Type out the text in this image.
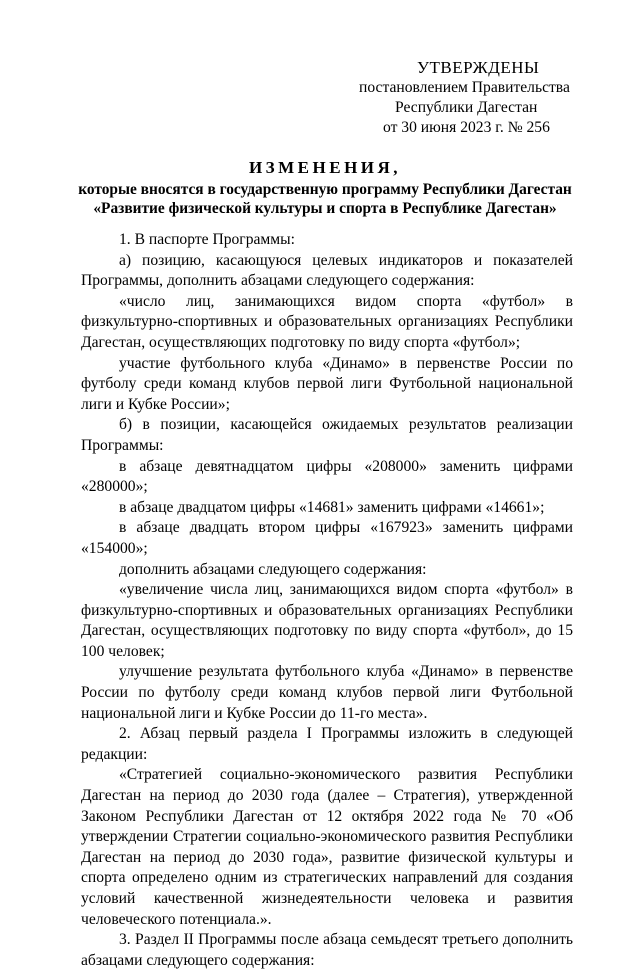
УТВЕРЖДЕНЫ
постановлением Правительства
Республики Дагестан
от 30 июня 2023 г. № 256
ИЗМЕНЕНИЯ,
которые вносятся в государственную программу Республики Дагестан
«Развитие физической культуры и спорта в Республике Дагестан»

1. В паспорте Программы:

а) позицию, касающуюся целевых индикаторов и показателей Программы, дополнить абзацами следующего содержания:

«число лиц, занимающихся видом спорта «футбол» в физкультурно-спортивных и образовательных организациях Республики Дагестан, осуществляющих подготовку по виду спорта «футбол»;

участие футбольного клуба «Динамо» в первенстве России по футболу среди команд клубов первой лиги Футбольной национальной лиги и Кубке России»;

б) в позиции, касающейся ожидаемых результатов реализации Программы:

в абзаце девятнадцатом цифры «208000» заменить цифрами «280000»;

в абзаце двадцатом цифры «14681» заменить цифрами «14661»;

в абзаце двадцать втором цифры «167923» заменить цифрами «154000»;

дополнить абзацами следующего содержания:

«увеличение числа лиц, занимающихся видом спорта «футбол» в физкультурно-спортивных и образовательных организациях Республики Дагестан, осуществляющих подготовку по виду спорта «футбол», до 15 100 человек;

улучшение результата футбольного клуба «Динамо» в первенстве России по футболу среди команд клубов первой лиги Футбольной национальной лиги и Кубке России до 11-го места».

2. Абзац первый раздела I Программы изложить в следующей редакции:

«Стратегией социально-экономического развития Республики Дагестан на период до 2030 года (далее – Стратегия), утвержденной Законом Республики Дагестан от 12 октября 2022 года № 70 «Об утверждении Стратегии социально-экономического развития Республики Дагестан на период до 2030 года», развитие физической культуры и спорта определено одним из стратегических направлений для создания условий качественной жизнедеятельности человека и развития человеческого потенциала.».

3. Раздел II Программы после абзаца семьдесят третьего дополнить абзацами следующего содержания:
